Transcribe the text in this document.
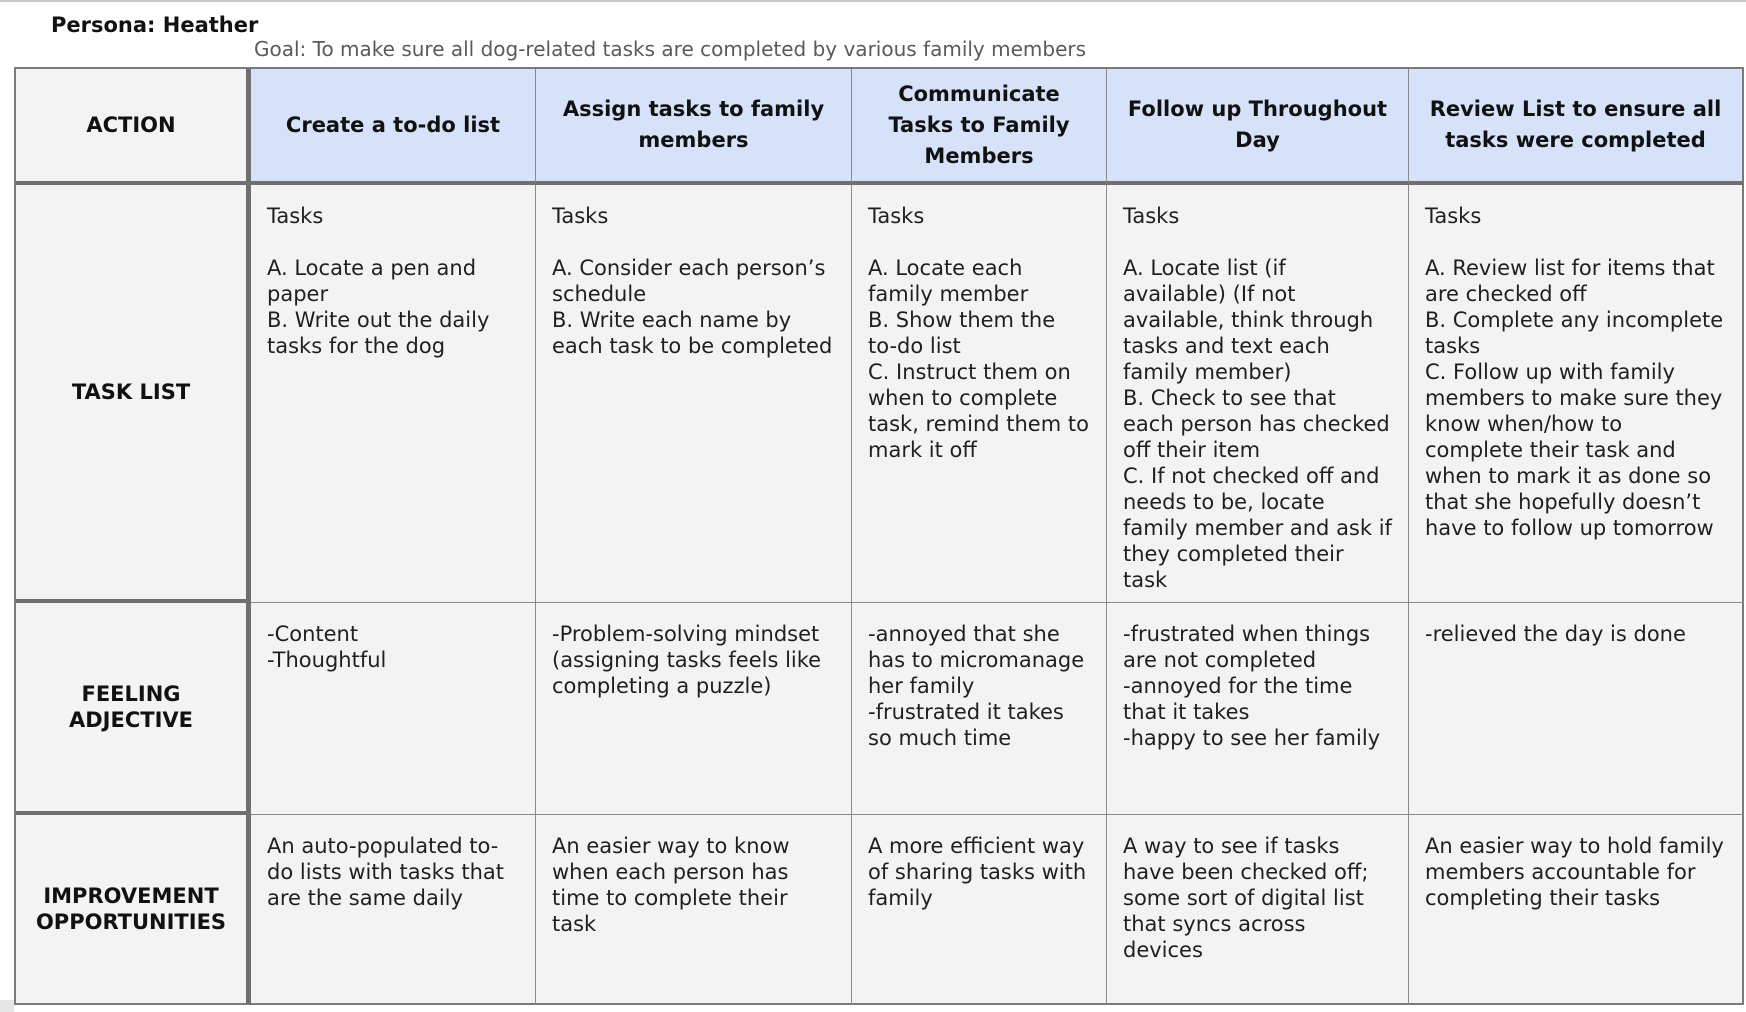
Persona: Heather
Goal: To make sure all dog-related tasks are completed by various family members
ACTION	Create a to-do list
Assign tasks to family members
Communicate Tasks to Family Members
Follow up Throughout Day
Review List to ensure all tasks were completed
TASK LIST
Tasks

A. Locate a pen and paper
B. Write out the daily tasks for the dog
Tasks

A. Consider each person’s schedule
B. Write each name by each task to be completed
Tasks

A. Locate each family member
B. Show them the to-do list
C. Instruct them on when to complete task, remind them to mark it off
Tasks

A. Locate list (if available) (If not available, think through tasks and text each family member)
B. Check to see that each person has checked off their item
C. If not checked off and needs to be, locate family member and ask if they completed their task
Tasks

A. Review list for items that are checked off
B. Complete any incomplete tasks
C. Follow up with family members to make sure they know when/how to complete their task and when to mark it as done so that she hopefully doesn’t have to follow up tomorrow
FEELING
ADJECTIVE
-Content
-Thoughtful
-Problem-solving mindset (assigning tasks feels like completing a puzzle)
-annoyed that she has to micromanage her family
-frustrated it takes so much time
-frustrated when things are not completed
-annoyed for the time that it takes
-happy to see her family
-relieved the day is done
IMPROVEMENT
OPPORTUNITIES
An auto-populated to-do lists with tasks that are the same daily
An easier way to know when each person has time to complete their task
A more efficient way of sharing tasks with family
A way to see if tasks have been checked off; some sort of digital list that syncs across devices
An easier way to hold family members accountable for completing their tasks
